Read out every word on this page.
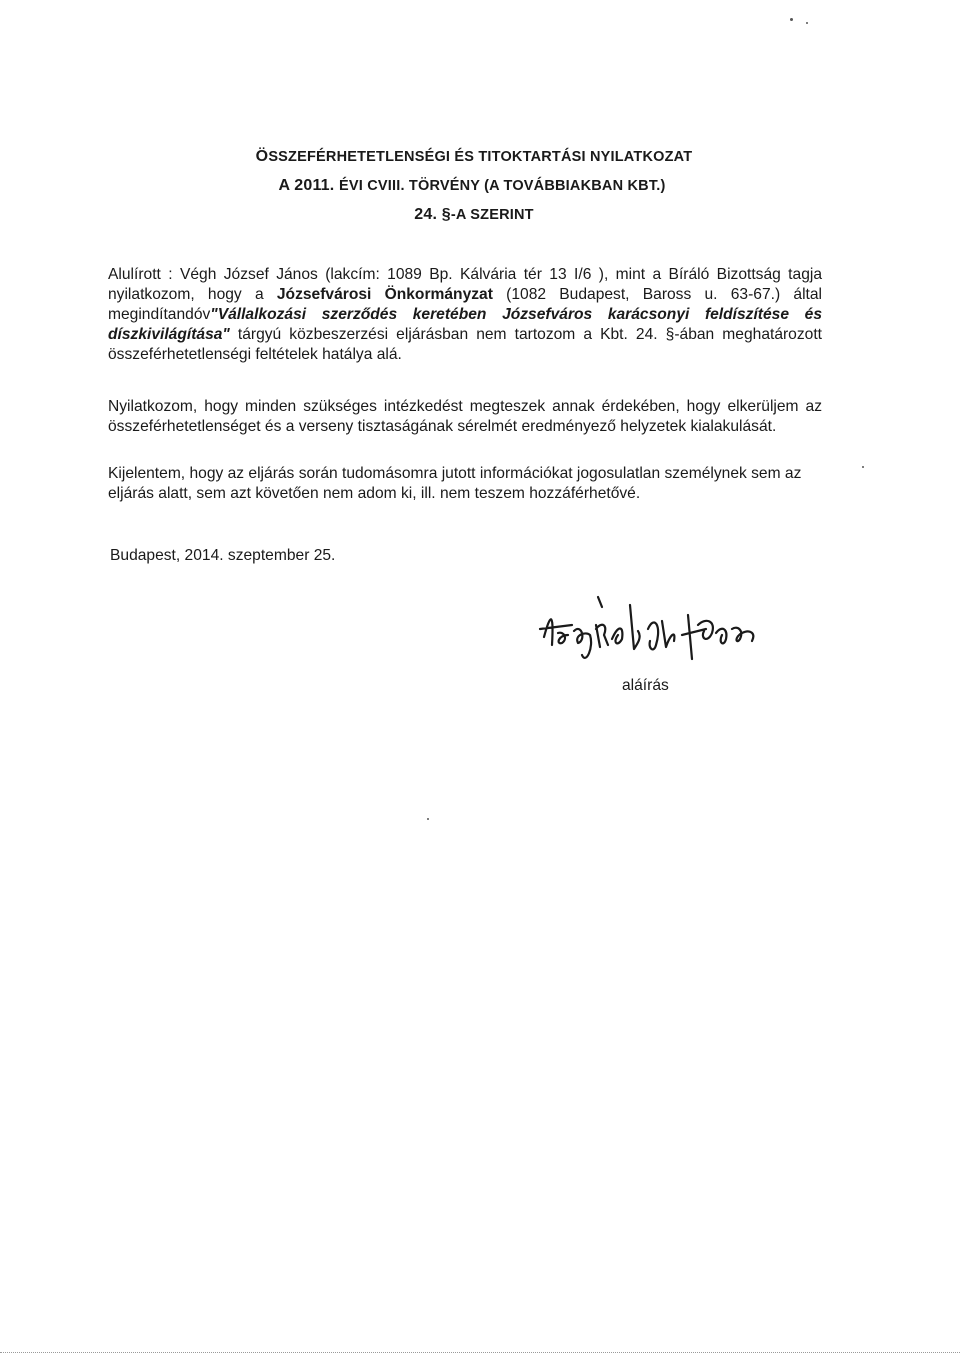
ÖSSZEFÉRHETETLENSÉGI ÉS TITOKTARTÁSI NYILATKOZAT
A 2011. ÉVI CVIII. TÖRVÉNY (A TOVÁBBIAKBAN KBT.)
24. §-A SZERINT
Alulírott : Végh József János (lakcím: 1089 Bp. Kálvária tér 13 I/6 ), mint a Bíráló Bizottság tagja nyilatkozom, hogy a Józsefvárosi Önkormányzat (1082 Budapest, Baross u. 63-67.) által megindítandóv"Vállalkozási szerződés keretében Józsefváros karácsonyi feldíszítése és díszkivilágítása" tárgyú közbeszerzési eljárásban nem tartozom a Kbt. 24. §-ában meghatározott összeférhetetlenségi feltételek hatálya alá.
Nyilatkozom, hogy minden szükséges intézkedést megteszek annak érdekében, hogy elkerüljem az összeférhetetlenséget és a verseny tisztaságának sérelmét eredményező helyzetek kialakulását.
Kijelentem, hogy az eljárás során tudomásomra jutott információkat jogosulatlan személynek sem az eljárás alatt, sem azt követően nem adom ki, ill. nem teszem hozzáférhetővé.
Budapest, 2014. szeptember 25.
aláírás
